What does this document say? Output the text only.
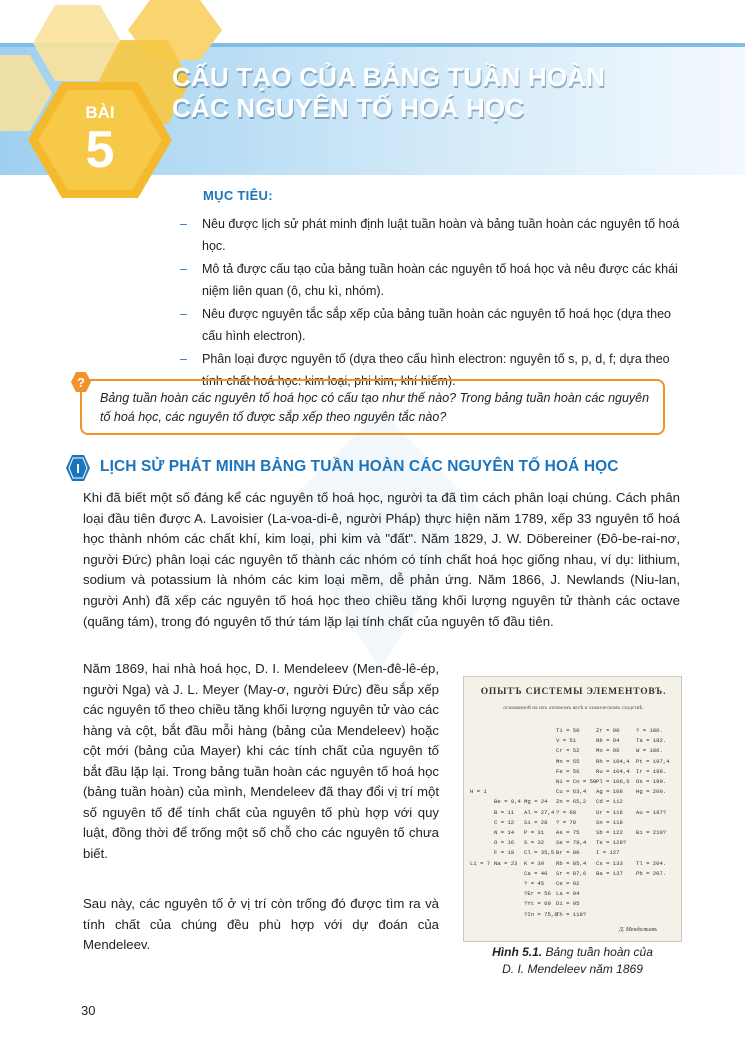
BÀI
5
CẤU TẠO CỦA BẢNG TUẦN HOÀN
CÁC NGUYÊN TỐ HOÁ HỌC
MỤC TIÊU:
– Nêu được lịch sử phát minh định luật tuần hoàn và bảng tuần hoàn các nguyên tố hoá học.
– Mô tả được cấu tạo của bảng tuần hoàn các nguyên tố hoá học và nêu được các khái niệm liên quan (ô, chu kì, nhóm).
– Nêu được nguyên tắc sắp xếp của bảng tuần hoàn các nguyên tố hoá học (dựa theo cấu hình electron).
– Phân loại được nguyên tố (dựa theo cấu hình electron: nguyên tố s, p, d, f; dựa theo tính chất hoá học: kim loại, phi kim, khí hiếm).
Bảng tuần hoàn các nguyên tố hoá học có cấu tạo như thế nào? Trong bảng tuần hoàn các nguyên tố hoá học, các nguyên tố được sắp xếp theo nguyên tắc nào?
?
I LỊCH SỬ PHÁT MINH BẢNG TUẦN HOÀN CÁC NGUYÊN TỐ HOÁ HỌC

Khi đã biết một số đáng kể các nguyên tố hoá học, người ta đã tìm cách phân loại chúng. Cách phân loại đầu tiên được A. Lavoisier (La-voa-di-ê, người Pháp) thực hiện năm 1789, xếp 33 nguyên tố hoá học thành nhóm các chất khí, kim loại, phi kim và "đất". Năm 1829, J. W. Döbereiner (Đô-be-rai-nơ, người Đức) phân loại các nguyên tố thành các nhóm có tính chất hoá học giống nhau, ví dụ: lithium, sodium và potassium là nhóm các kim loại mềm, dễ phản ứng. Năm 1866, J. Newlands (Niu-lan, người Anh) đã xếp các nguyên tố hoá học theo chiều tăng khối lượng nguyên tử thành các octave (quãng tám), trong đó nguyên tố thứ tám lặp lại tính chất của nguyên tố đầu tiên.

Năm 1869, hai nhà hoá học, D. I. Mendeleev (Men-đê-lê-ép, người Nga) và J. L. Meyer (May-ơ, người Đức) đều sắp xếp các nguyên tố theo chiều tăng khối lượng nguyên tử vào các hàng và cột, bắt đầu mỗi hàng (bảng của Mendeleev) hoặc cột mới (bảng của Mayer) khi các tính chất của nguyên tố bắt đầu lặp lại. Trong bảng tuần hoàn các nguyên tố hoá học (bảng tuần hoàn) của mình, Mendeleev đã thay đổi vị trí một số nguyên tố để tính chất của nguyên tố phù hợp với quy luật, đồng thời để trống một số chỗ cho các nguyên tố chưa biết.

Sau này, các nguyên tố ở vị trí còn trống đó được tìm ra và tính chất của chúng đều phù hợp với dự đoán của Mendeleev.

ОПЫТЪ СИСТЕМЫ ЭЛЕМЕНТОВЪ.
основанной на ихъ атомномъ весѣ и химическомъ сходствѣ.
Д. Менделѣевъ
Ti = 50	Zr = 90	? = 180.
V = 51	Nb = 94	Ta = 182.
Cr = 52	Mo = 96	W = 186.
Mn = 55	Rh = 104,4 Pt = 197,4
Fe = 56	Ru = 104,4 Ir = 198.
Ni = Co = 59 Pl = 106,6 Os = 199.
H = 1	Cu = 63,4 Ag = 108 Hg = 200.
Be = 9,4 Mg = 24 Zn = 65,2 Cd = 112
B = 11 Al = 27,4 ? = 68	Ur = 116 Au = 197?
C = 12 Si = 28 ? = 70	Sn = 118
N = 14 P = 31 As = 75	Sb = 122 Bi = 210?
O = 16 S = 32 Se = 79,4 Te = 128?
F = 19 Cl = 35,5 Br = 80	I = 127
Li = 7 Na = 23 K = 39 Rb = 85,4 Cs = 133 Tl = 204.
Ca = 40 Sr = 87,6 Ba = 137 Pb = 207.
? = 45 Ce = 92
?Er = 56 La = 94
?Yt = 60 Di = 95
?In = 75,6
Th = 118?
Hình 5.1. Bảng tuần hoàn của
D. I. Mendeleev năm 1869
30
